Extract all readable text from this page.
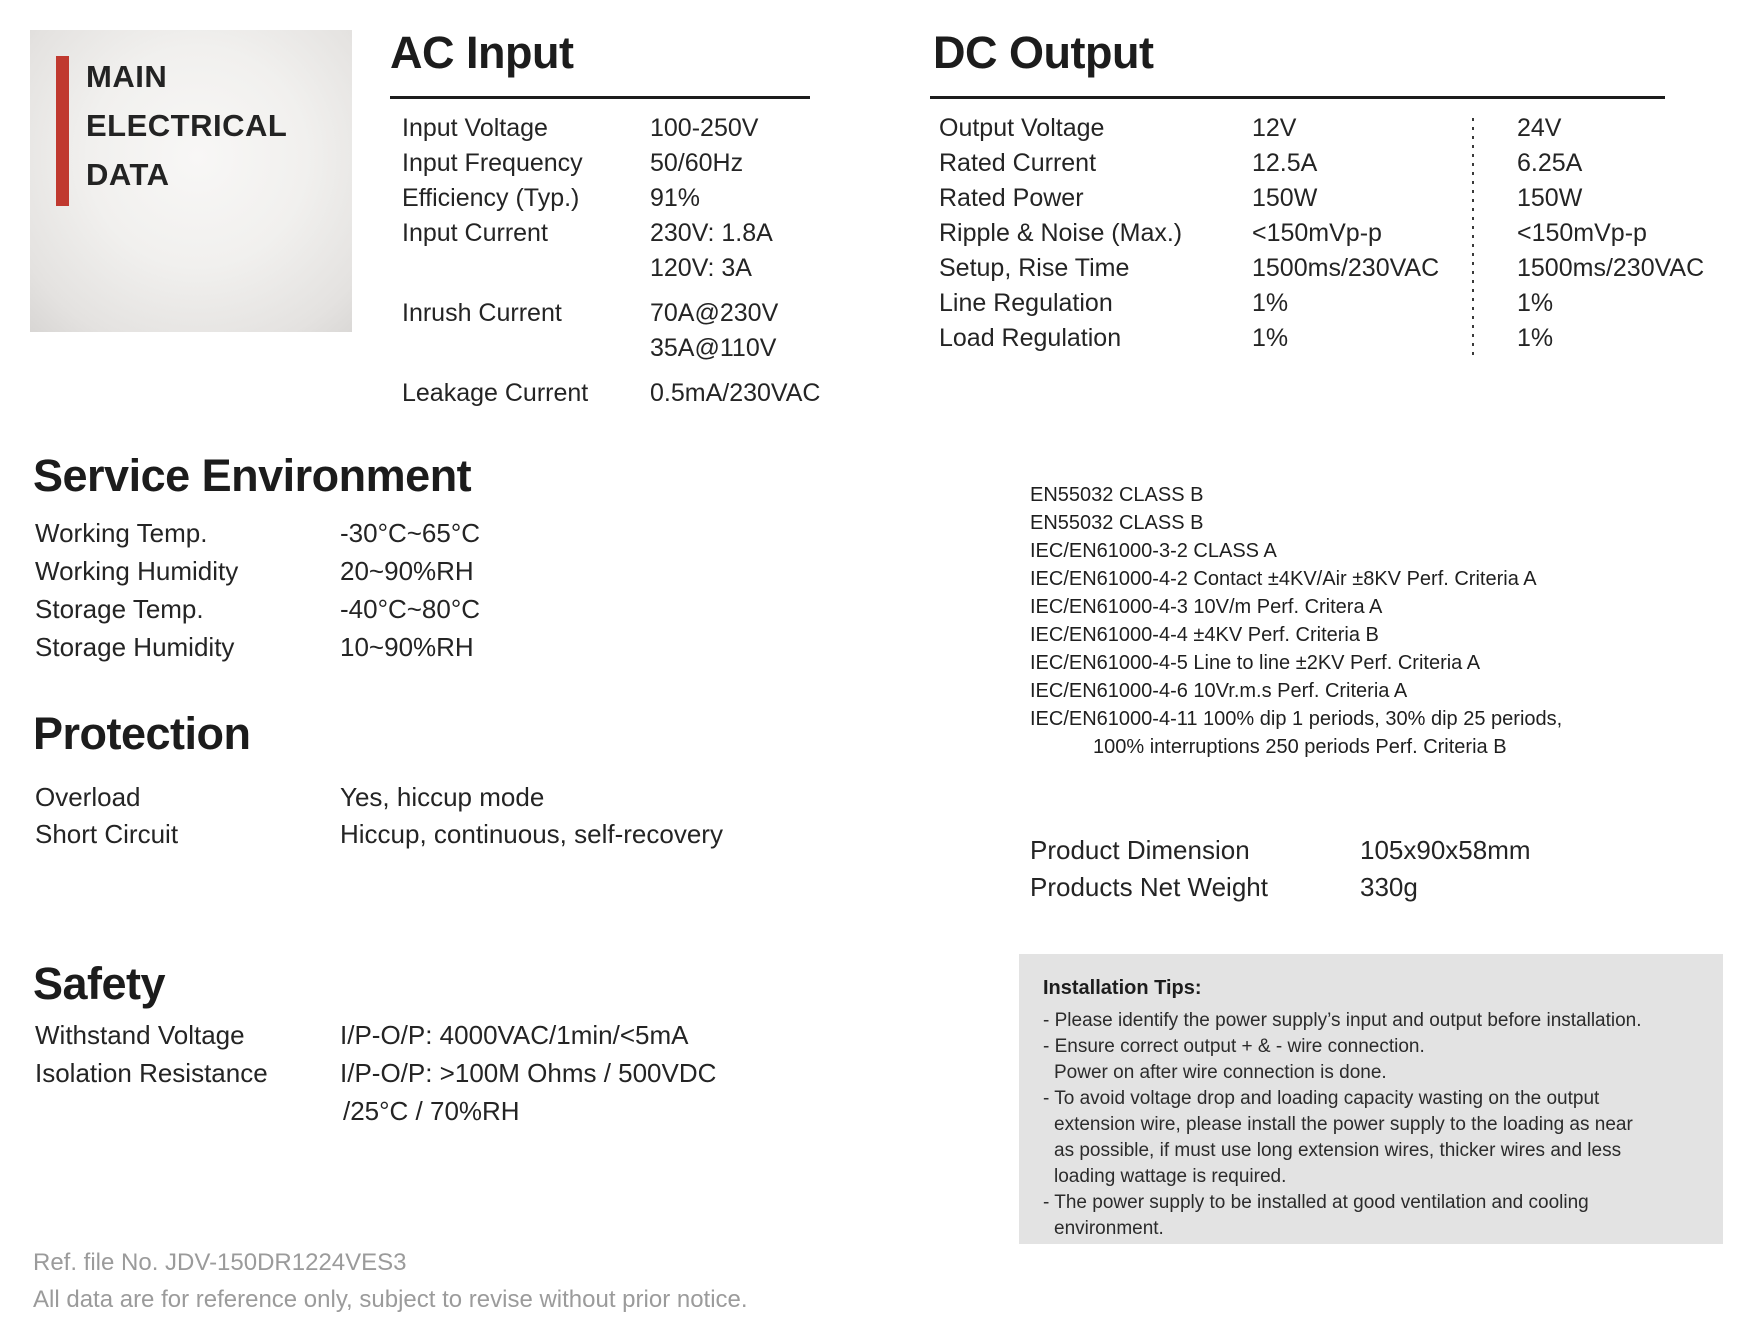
MAIN
ELECTRICAL
DATA
AC Input
Input Voltage	100-250V
Input Frequency	50/60Hz
Efficiency (Typ.)	91%
Input Current	230V: 1.8A
120V: 3A
Inrush Current	70A@230V
35A@110V
Leakage Current	0.5mA/230VAC
DC Output
Output Voltage	12V	24V
Rated Current	12.5A	6.25A
Rated Power	150W	150W
Ripple & Noise (Max.)	<150mVp-p	<150mVp-p
Setup, Rise Time	1500ms/230VAC	1500ms/230VAC
Line Regulation	1%	1%
Load Regulation	1%	1%
Service Environment
Working Temp.	-30°C~65°C
Working Humidity	20~90%RH
Storage Temp.	-40°C~80°C
Storage Humidity	10~90%RH
EN55032 CLASS B
EN55032 CLASS B
IEC/EN61000-3-2 CLASS A
IEC/EN61000-4-2 Contact ±4KV/Air ±8KV Perf. Criteria A
IEC/EN61000-4-3 10V/m Perf. Critera A
IEC/EN61000-4-4 ±4KV Perf. Criteria B
IEC/EN61000-4-5 Line to line ±2KV Perf. Criteria A
IEC/EN61000-4-6 10Vr.m.s Perf. Criteria A
IEC/EN61000-4-11 100% dip 1 periods, 30% dip 25 periods,
100% interruptions 250 periods Perf. Criteria B
Protection
Overload	Yes, hiccup mode
Short Circuit	Hiccup, continuous, self-recovery
Product Dimension	105x90x58mm
Products Net Weight	330g
Safety
Withstand Voltage	I/P-O/P: 4000VAC/1min/<5mA
Isolation Resistance	I/P-O/P: >100M Ohms / 500VDC
/25°C / 70%RH
Installation Tips:
- Please identify the power supply’s input and output before installation.
- Ensure correct output + & - wire connection.
Power on after wire connection is done.
- To avoid voltage drop and loading capacity wasting on the output
extension wire, please install the power supply to the loading as near
as possible, if must use long extension wires, thicker wires and less
loading wattage is required.
- The power supply to be installed at good ventilation and cooling
environment.
Ref. file No. JDV-150DR1224VES3
All data are for reference only, subject to revise without prior notice.
